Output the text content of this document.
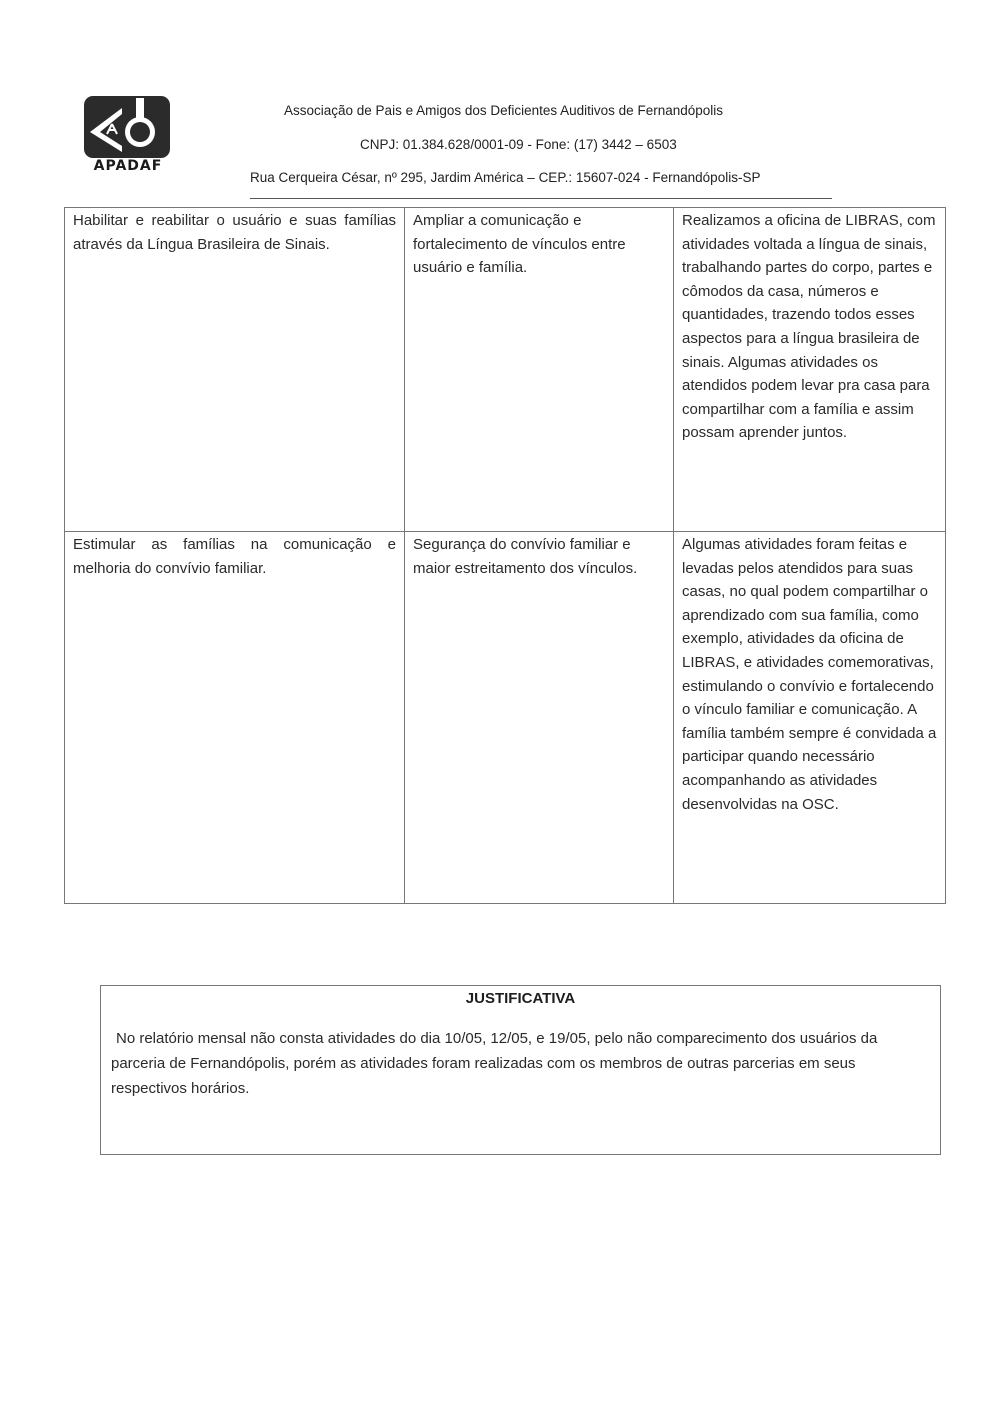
APADAF
Associação de Pais e Amigos dos Deficientes Auditivos de Fernandópolis
CNPJ: 01.384.628/0001-09 - Fone: (17) 3442 – 6503
Rua Cerqueira César, nº 295, Jardim América – CEP.: 15607-024 - Fernandópolis-SP
Habilitar e reabilitar o usuário e suas famílias através da Língua Brasileira de Sinais.	Ampliar a comunicação e fortalecimento de vínculos entre usuário e família.	Realizamos a oficina de LIBRAS, com atividades voltada a língua de sinais, trabalhando partes do corpo, partes e cômodos da casa, números e quantidades, trazendo todos esses aspectos para a língua brasileira de sinais. Algumas atividades os atendidos podem levar pra casa para compartilhar com a família e assim possam aprender juntos.
Estimular as famílias na comunicação e melhoria do convívio familiar.	Segurança do convívio familiar e maior estreitamento dos vínculos.	Algumas atividades foram feitas e levadas pelos atendidos para suas casas, no qual podem compartilhar o aprendizado com sua família, como exemplo, atividades da oficina de LIBRAS, e atividades comemorativas, estimulando o convívio e fortalecendo o vínculo familiar e comunicação. A família também sempre é convidada a participar quando necessário acompanhando as atividades desenvolvidas na OSC.
JUSTIFICATIVA
No relatório mensal não consta atividades do dia 10/05, 12/05, e 19/05, pelo não comparecimento dos usuários da parceria de Fernandópolis, porém as atividades foram realizadas com os membros de outras parcerias em seus respectivos horários.
